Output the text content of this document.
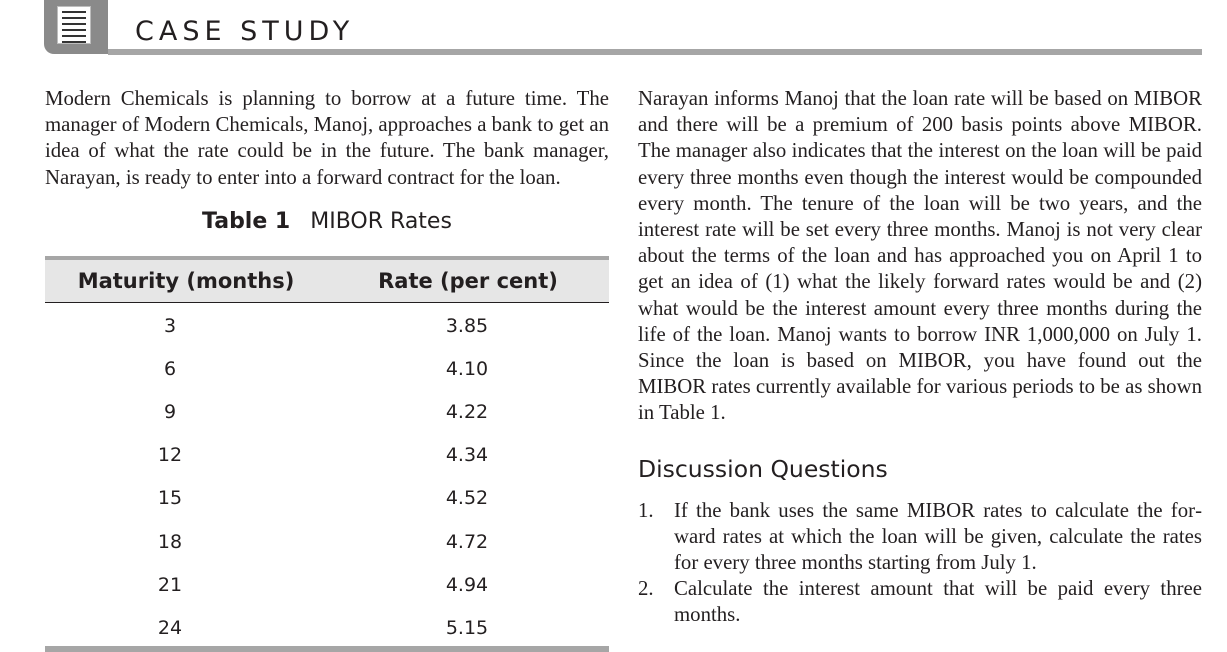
CASE STUDY
Modern Chemicals is planning to borrow at a future time. The manager of Modern Chemicals, Manoj, approaches a bank to get an idea of what the rate could be in the future. The bank manager, Narayan, is ready to enter into a forward contract for the loan.
Table 1 MIBOR Rates
Maturity (months)	Rate (per cent)
3	3.85
6	4.10
9	4.22
12	4.34
15	4.52
18	4.72
21	4.94
24	5.15
Narayan informs Manoj that the loan rate will be based on MIBOR and there will be a premium of 200 basis points above MIBOR. The manager also indicates that the interest on the loan will be paid every three months even though the interest would be compounded every month. The tenure of the loan will be two years, and the interest rate will be set every three months. Manoj is not very clear about the terms of the loan and has approached you on April 1 to get an idea of (1) what the likely forward rates would be and (2) what would be the interest amount every three months during the life of the loan. Manoj wants to borrow INR 1,000,000 on July 1. Since the loan is based on MIBOR, you have found out the MIBOR rates currently available for various periods to be as shown in Table 1.
Discussion Questions
1. If the bank uses the same MIBOR rates to calculate the forward rates at which the loan will be given, calculate the rates for every three months starting from July 1.
2. Calculate the interest amount that will be paid every three months.
